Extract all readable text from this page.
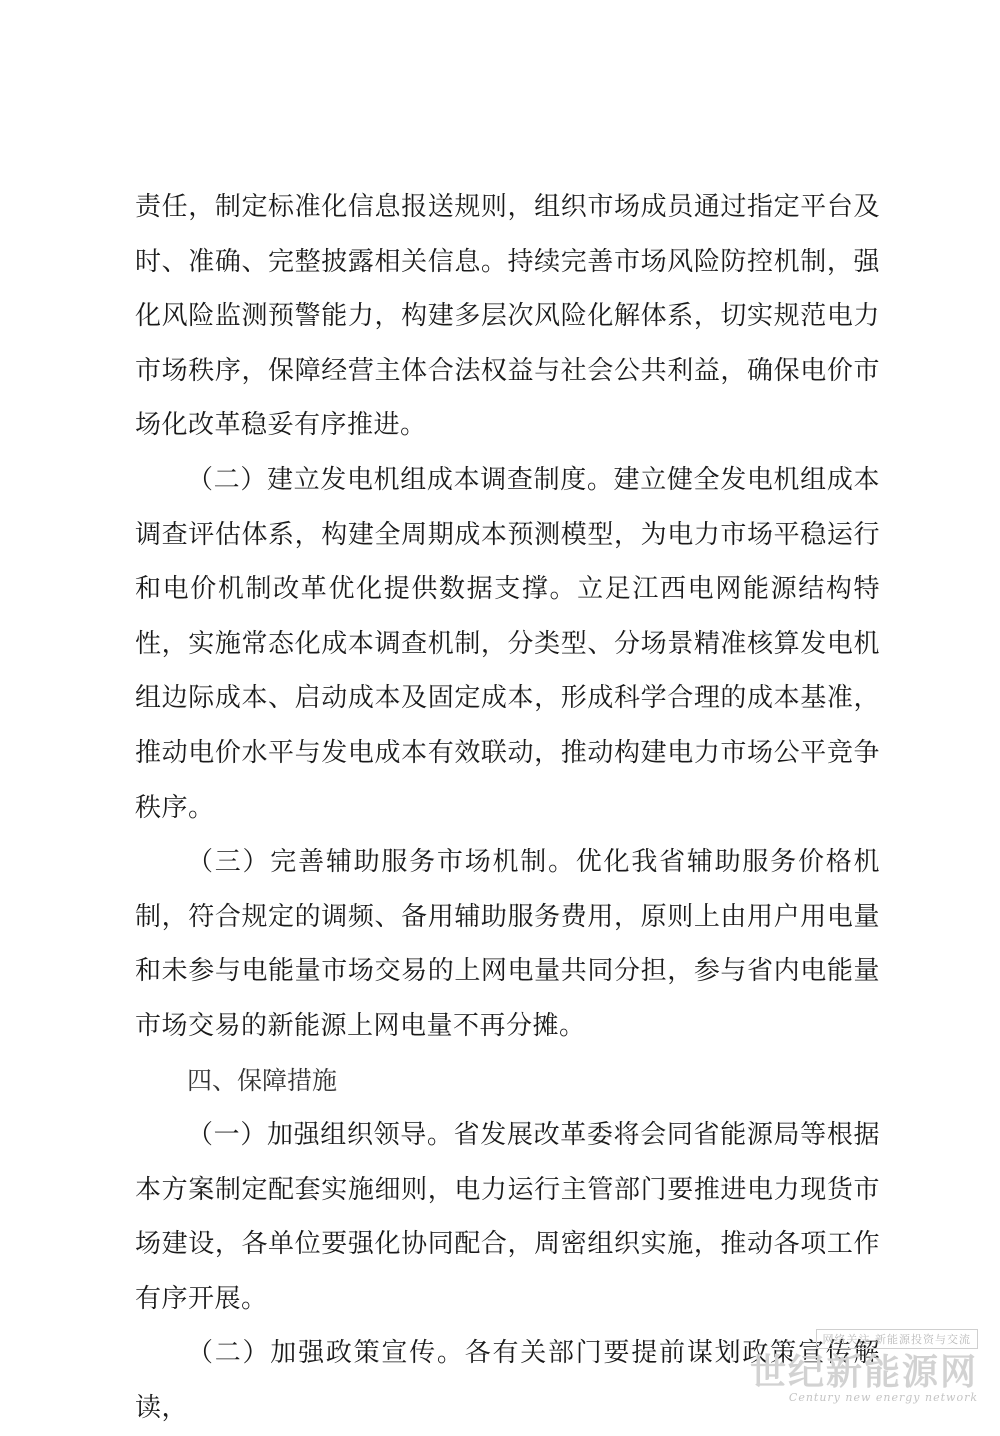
责任，制定标准化信息报送规则，组织市场成员通过指定平台及时、准确、完整披露相关信息。持续完善市场风险防控机制，强化风险监测预警能力，构建多层次风险化解体系，切实规范电力市场秩序，保障经营主体合法权益与社会公共利益，确保电价市场化改革稳妥有序推进。

（二）建立发电机组成本调查制度。建立健全发电机组成本调查评估体系，构建全周期成本预测模型，为电力市场平稳运行和电价机制改革优化提供数据支撑。立足江西电网能源结构特性，实施常态化成本调查机制，分类型、分场景精准核算发电机组边际成本、启动成本及固定成本，形成科学合理的成本基准，推动电价水平与发电成本有效联动，推动构建电力市场公平竞争秩序。

（三）完善辅助服务市场机制。优化我省辅助服务价格机制，符合规定的调频、备用辅助服务费用，原则上由用户用电量和未参与电能量市场交易的上网电量共同分担，参与省内电能量市场交易的新能源上网电量不再分摊。

四、保障措施

（一）加强组织领导。省发展改革委将会同省能源局等根据本方案制定配套实施细则，电力运行主管部门要推进电力现货市场建设，各单位要强化协同配合，周密组织实施，推动各项工作有序开展。

（二）加强政策宣传。各有关部门要提前谋划政策宣传解读，

网络关注 新能源投资与交流
世纪新能源网
Century new energy network
